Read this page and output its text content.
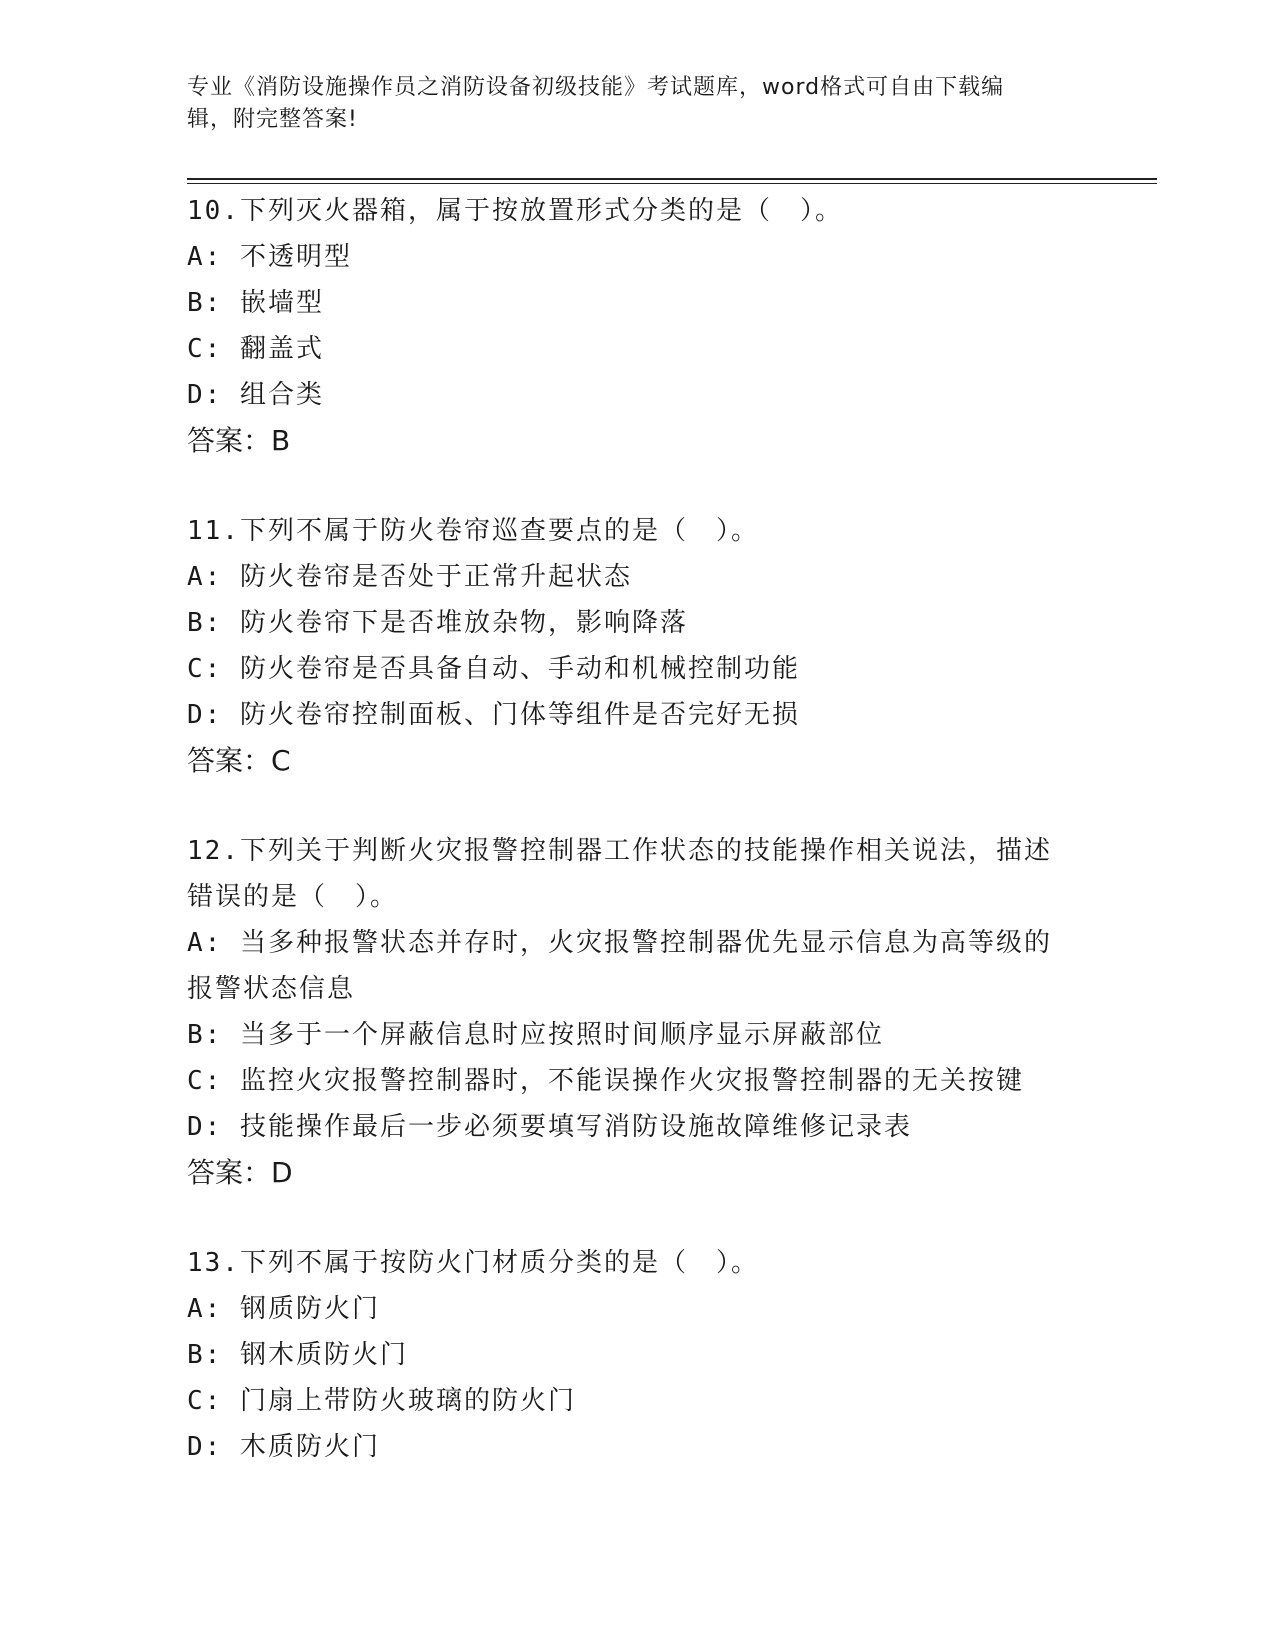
专业《消防设施操作员之消防设备初级技能》考试题库，word格式可自由下载编
辑，附完整答案!
10.下列灭火器箱，属于按放置形式分类的是（　）。
A: 不透明型
B: 嵌墙型
C: 翻盖式
D: 组合类
答案：B
11.下列不属于防火卷帘巡查要点的是（　）。
A: 防火卷帘是否处于正常升起状态
B: 防火卷帘下是否堆放杂物，影响降落
C: 防火卷帘是否具备自动、手动和机械控制功能
D: 防火卷帘控制面板、门体等组件是否完好无损
答案：C
12.下列关于判断火灾报警控制器工作状态的技能操作相关说法，描述
错误的是（　）。
A: 当多种报警状态并存时，火灾报警控制器优先显示信息为高等级的
报警状态信息
B: 当多于一个屏蔽信息时应按照时间顺序显示屏蔽部位
C: 监控火灾报警控制器时，不能误操作火灾报警控制器的无关按键
D: 技能操作最后一步必须要填写消防设施故障维修记录表
答案：D
13.下列不属于按防火门材质分类的是（　）。
A: 钢质防火门
B: 钢木质防火门
C: 门扇上带防火玻璃的防火门
D: 木质防火门
